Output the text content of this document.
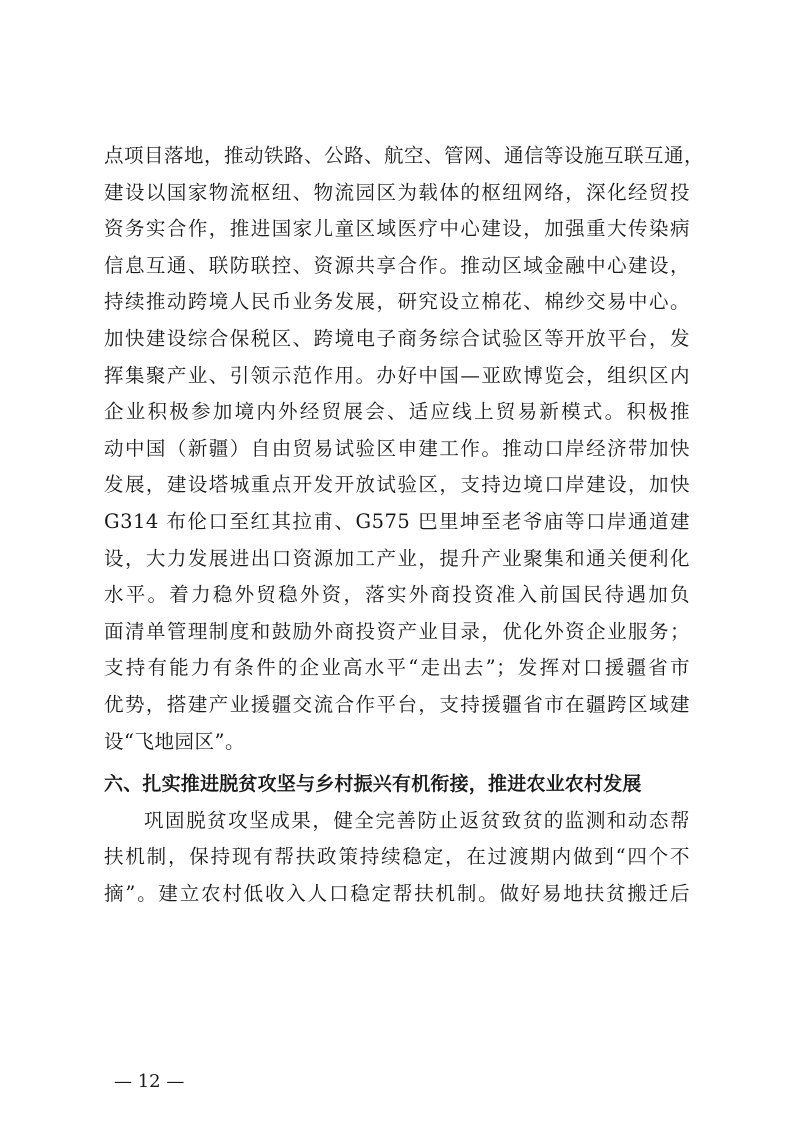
点项目落地，推动铁路、公路、航空、管网、通信等设施互联互通，
建设以国家物流枢纽、物流园区为载体的枢纽网络，深化经贸投
资务实合作，推进国家儿童区域医疗中心建设，加强重大传染病
信息互通、联防联控、资源共享合作。推动区域金融中心建设，
持续推动跨境人民币业务发展，研究设立棉花、棉纱交易中心。
加快建设综合保税区、跨境电子商务综合试验区等开放平台，发
挥集聚产业、引领示范作用。办好中国—亚欧博览会，组织区内
企业积极参加境内外经贸展会、适应线上贸易新模式。积极推
动中国（新疆）自由贸易试验区申建工作。推动口岸经济带加快
发展，建设塔城重点开发开放试验区，支持边境口岸建设，加快
G314 布伦口至红其拉甫、G575 巴里坤至老爷庙等口岸通道建
设，大力发展进出口资源加工产业，提升产业聚集和通关便利化
水平。着力稳外贸稳外资，落实外商投资准入前国民待遇加负
面清单管理制度和鼓励外商投资产业目录，优化外资企业服务；
支持有能力有条件的企业高水平“走出去”；发挥对口援疆省市
优势，搭建产业援疆交流合作平台，支持援疆省市在疆跨区域建
设“飞地园区”。
六、扎实推进脱贫攻坚与乡村振兴有机衔接，推进农业农村发展
巩固脱贫攻坚成果，健全完善防止返贫致贫的监测和动态帮
扶机制，保持现有帮扶政策持续稳定，在过渡期内做到“四个不
摘”。建立农村低收入人口稳定帮扶机制。做好易地扶贫搬迁后
— 12 —
